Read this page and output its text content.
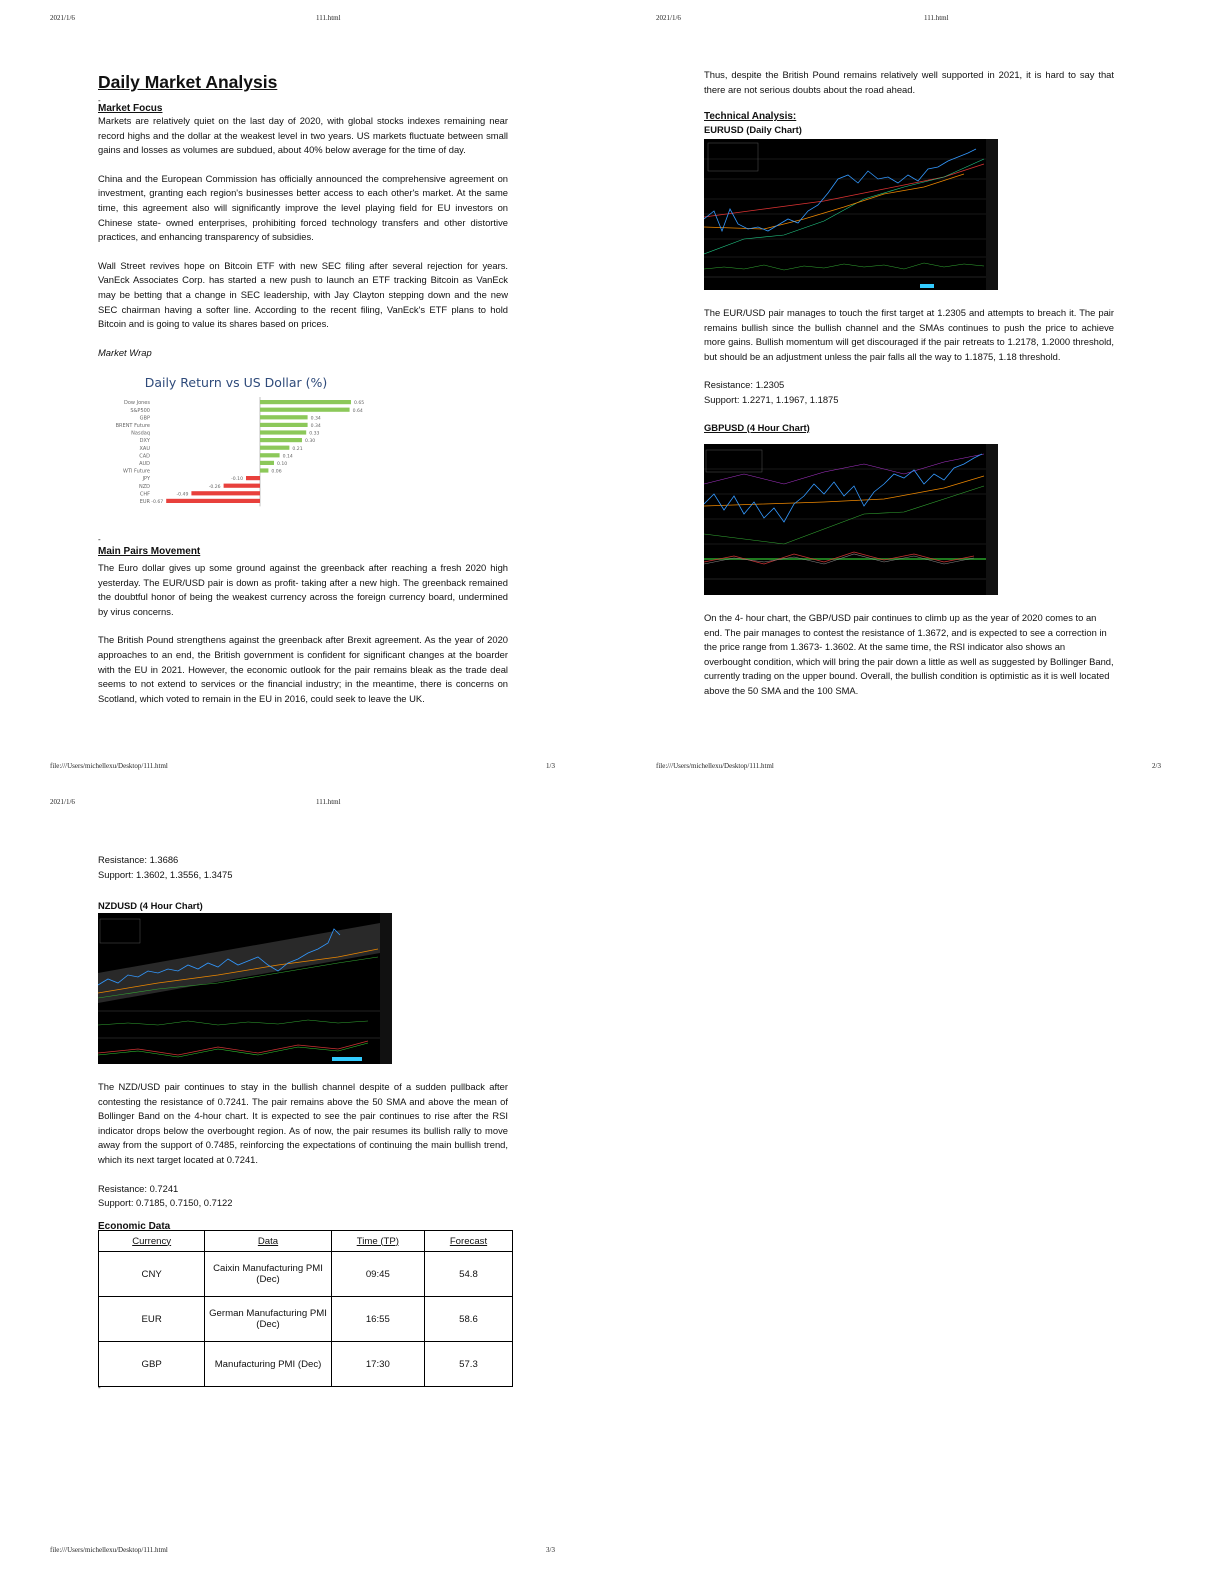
2021/1/6	111.html
file:///Users/michellexu/Desktop/111.html	1/3
Daily Market Analysis
-

Market Focus

Markets are relatively quiet on the last day of 2020, with global stocks indexes remaining near record highs and the dollar at the weakest level in two years. US markets fluctuate between small gains and losses as volumes are subdued, about 40% below average for the time of day.

China and the European Commission has officially announced the comprehensive agreement on investment, granting each region's businesses better access to each other's market. At the same time, this agreement also will significantly improve the level playing field for EU investors on Chinese state- owned enterprises, prohibiting forced technology transfers and other distortive practices, and enhancing transparency of subsidies.

Wall Street revives hope on Bitcoin ETF with new SEC filing after several rejection for years. VanEck Associates Corp. has started a new push to launch an ETF tracking Bitcoin as VanEck may be betting that a change in SEC leadership, with Jay Clayton stepping down and the new SEC chairman having a softer line. According to the recent filing, VanEck's ETF plans to hold Bitcoin and is going to value its shares based on prices.

Market Wrap

Daily Return vs US Dollar (%)
Dow Jones	0.65
S&P500	0.64
GBP	0.34
BRENT Future	0.34
Nasdaq	0.33
DXY	0.30
XAU	0.21
CAD	0.14
AUD	0.10
WTI Future	0.06
JPY	-0.10
NZD	-0.26
CHF	-0.49
EUR -0.67
-

Main Pairs Movement

The Euro dollar gives up some ground against the greenback after reaching a fresh 2020 high yesterday. The EUR/USD pair is down as profit- taking after a new high. The greenback remained the doubtful honor of being the weakest currency across the foreign currency board, undermined by virus concerns.

The British Pound strengthens against the greenback after Brexit agreement. As the year of 2020 approaches to an end, the British government is confident for significant changes at the boarder with the EU in 2021. However, the economic outlook for the pair remains bleak as the trade deal seems to not extend to services or the financial industry; in the meantime, there is concerns on Scotland, which voted to remain in the EU in 2016, could seek to leave the UK.

2021/1/6	111.html
file:///Users/michellexu/Desktop/111.html	2/3

Thus, despite the British Pound remains relatively well supported in 2021, it is hard to say that there are not serious doubts about the road ahead.

Technical Analysis:

EURUSD (Daily Chart)

The EUR/USD pair manages to touch the first target at 1.2305 and attempts to breach it. The pair remains bullish since the bullish channel and the SMAs continues to push the price to achieve more gains. Bullish momentum will get discouraged if the pair retreats to 1.2178, 1.2000 threshold, but should be an adjustment unless the pair falls all the way to 1.1875, 1.18 threshold.

Resistance: 1.2305

Support: 1.2271, 1.1967, 1.1875

GBPUSD (4 Hour Chart)

On the 4- hour chart, the GBP/USD pair continues to climb up as the year of 2020 comes to an end. The pair manages to contest the resistance of 1.3672, and is expected to see a correction in the price range from 1.3673- 1.3602. At the same time, the RSI indicator also shows an overbought condition, which will bring the pair down a little as well as suggested by Bollinger Band, currently trading on the upper bound. Overall, the bullish condition is optimistic as it is well located above the 50 SMA and the 100 SMA.

2021/1/6	111.html
file:///Users/michellexu/Desktop/111.html	3/3

Resistance: 1.3686

Support: 1.3602, 1.3556, 1.3475

NZDUSD (4 Hour Chart)

The NZD/USD pair continues to stay in the bullish channel despite of a sudden pullback after contesting the resistance of 0.7241. The pair remains above the 50 SMA and above the mean of Bollinger Band on the 4-hour chart. It is expected to see the pair continues to rise after the RSI indicator drops below the overbought region. As of now, the pair resumes its bullish rally to move away from the support of 0.7485, reinforcing the expectations of continuing the main bullish trend, which its next target located at 0.7241.

Resistance: 0.7241

Support: 0.7185, 0.7150, 0.7122

Economic Data

Currency	Data	Time (TP)	Forecast
CNY	Caixin Manufacturing PMI (Dec)	09:45	54.8
EUR	German Manufacturing PMI (Dec)	16:55	58.6
GBP	Manufacturing PMI (Dec)	17:30	57.3
-
